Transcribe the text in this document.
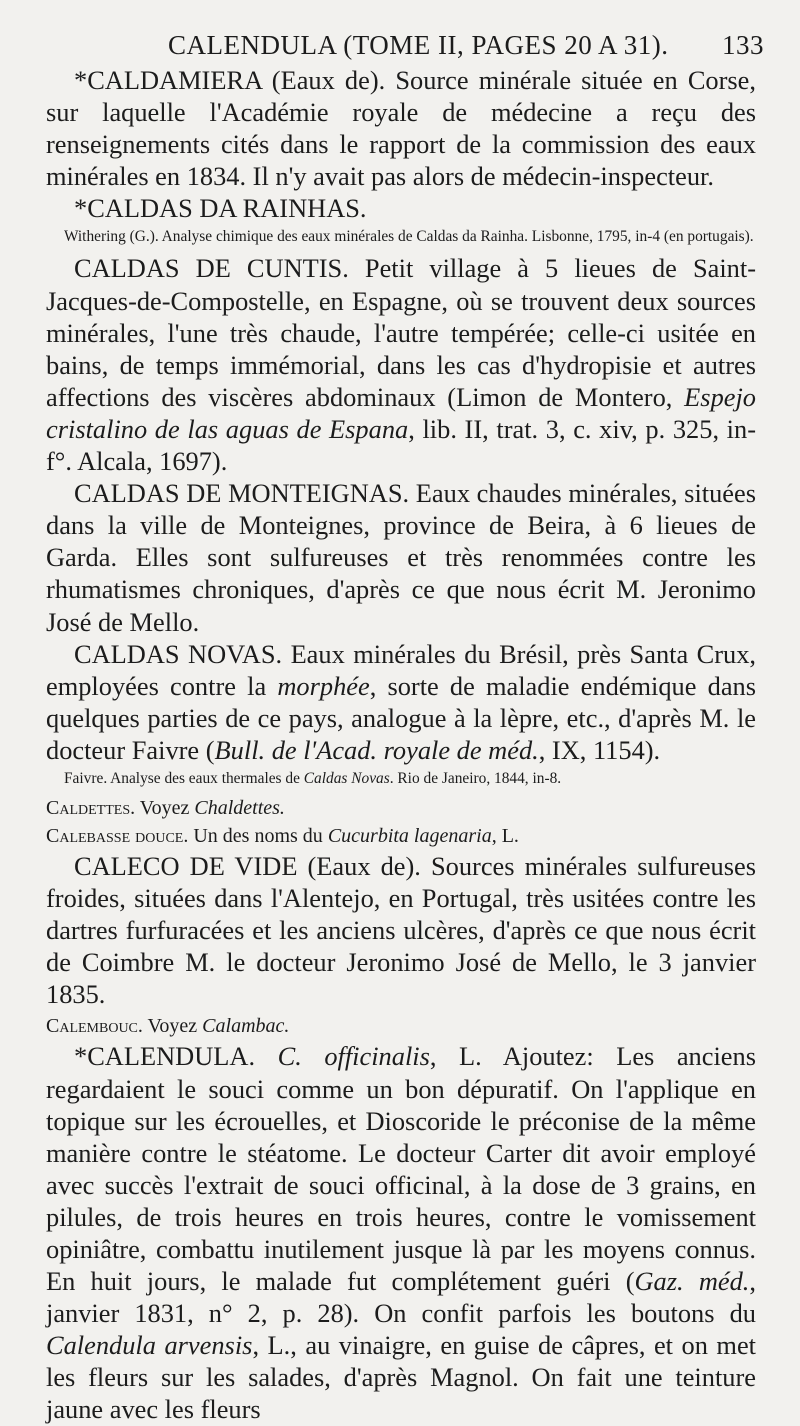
CALENDULA (TOME II, PAGES 20 A 31). 133

*CALDAMIERA (Eaux de). Source minérale située en Corse, sur laquelle l'Académie royale de médecine a reçu des renseignements cités dans le rapport de la commission des eaux minérales en 1834. Il n'y avait pas alors de médecin-inspecteur.

*CALDAS DA RAINHAS.

Withering (G.). Analyse chimique des eaux minérales de Caldas da Rainha. Lisbonne, 1795, in-4 (en portugais).

CALDAS DE CUNTIS. Petit village à 5 lieues de Saint-Jacques-de-Compostelle, en Espagne, où se trouvent deux sources minérales, l'une très chaude, l'autre tempérée; celle-ci usitée en bains, de temps immémorial, dans les cas d'hydropisie et autres affections des viscères abdominaux (Limon de Montero, Espejo cristalino de las aguas de Espana, lib. II, trat. 3, c. xiv, p. 325, in-f°. Alcala, 1697).

CALDAS DE MONTEIGNAS. Eaux chaudes minérales, situées dans la ville de Monteignes, province de Beira, à 6 lieues de Garda. Elles sont sulfureuses et très renommées contre les rhumatismes chroniques, d'après ce que nous écrit M. Jeronimo José de Mello.

CALDAS NOVAS. Eaux minérales du Brésil, près Santa Crux, employées contre la morphée, sorte de maladie endémique dans quelques parties de ce pays, analogue à la lèpre, etc., d'après M. le docteur Faivre (Bull. de l'Acad. royale de méd., IX, 1154).

Faivre. Analyse des eaux thermales de Caldas Novas. Rio de Janeiro, 1844, in-8.

Caldettes. Voyez Chaldettes.

Calebasse douce. Un des noms du Cucurbita lagenaria, L.

CALECO DE VIDE (Eaux de). Sources minérales sulfureuses froides, situées dans l'Alentejo, en Portugal, très usitées contre les dartres furfuracées et les anciens ulcères, d'après ce que nous écrit de Coimbre M. le docteur Jeronimo José de Mello, le 3 janvier 1835.

Calembouc. Voyez Calambac.

*CALENDULA. C. officinalis, L. Ajoutez: Les anciens regardaient le souci comme un bon dépuratif. On l'applique en topique sur les écrouelles, et Dioscoride le préconise de la même manière contre le stéatome. Le docteur Carter dit avoir employé avec succès l'extrait de souci officinal, à la dose de 3 grains, en pilules, de trois heures en trois heures, contre le vomissement opiniâtre, combattu inutilement jusque là par les moyens connus. En huit jours, le malade fut complétement guéri (Gaz. méd., janvier 1831, n° 2, p. 28). On confit parfois les boutons du Calendula arvensis, L., au vinaigre, en guise de câpres, et on met les fleurs sur les salades, d'après Magnol. On fait une teinture jaune avec les fleurs
